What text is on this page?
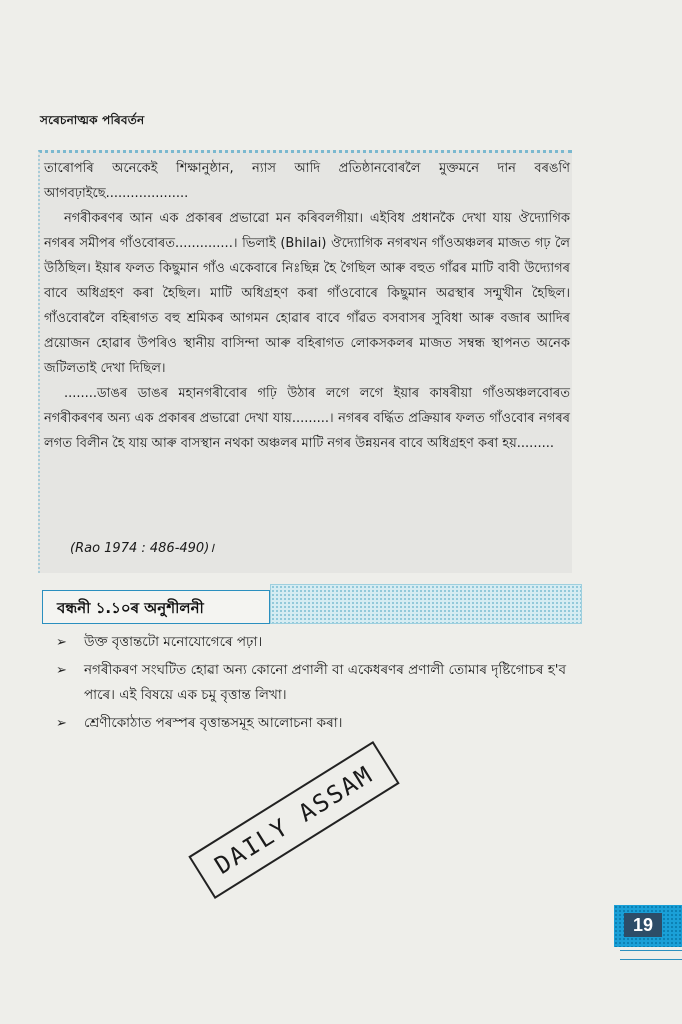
সৰেচনাত্মক পৰিবৰ্তন

তাৰোপৰি অনেকেই শিক্ষানুষ্ঠান, ন্যাস আদি প্ৰতিষ্ঠানবোৰলৈ মুক্তমনে দান বৰঙণি আগবঢ়াইছে....................

নগৰীকৰণৰ আন এক প্ৰকাৰৰ প্ৰভাৱো মন কৰিবলগীয়া। এইবিধ প্ৰধানকৈ দেখা যায় ঔদ্যোগিক নগৰৰ সমীপৰ গাঁওবোৰত..............। ভিলাই (Bhilai) ঔদ্যোগিক নগৰখন গাঁওঅঞ্চলৰ মাজত গঢ় লৈ উঠিছিল। ইয়াৰ ফলত কিছুমান গাঁও একেবাৰে নিঃছিন্ন হৈ গৈছিল আৰু বহুত গাঁৱৰ মাটি বাবী উদ্যোগৰ বাবে অধিগ্ৰহণ কৰা হৈছিল। মাটি অধিগ্ৰহণ কৰা গাঁওবোৰে কিছুমান অৱস্থাৰ সন্মুখীন হৈছিল। গাঁওবোৰলৈ বহিৰাগত বহু শ্ৰমিকৰ আগমন হোৱাৰ বাবে গাঁৱত বসবাসৰ সুবিধা আৰু বজাৰ আদিৰ প্ৰয়োজন হোৱাৰ উপৰিও স্থানীয় বাসিন্দা আৰু বহিৰাগত লোকসকলৰ মাজত সম্বন্ধ স্থাপনত অনেক জটিলতাই দেখা দিছিল।

........ডাঙৰ ডাঙৰ মহানগৰীবোৰ গঢ়ি উঠাৰ লগে লগে ইয়াৰ কাষৰীয়া গাঁওঅঞ্চলবোৰত নগৰীকৰণৰ অন্য এক প্ৰকাৰৰ প্ৰভাৱো দেখা যায়.........। নগৰৰ বৰ্দ্ধিত প্ৰক্ৰিয়াৰ ফলত গাঁওবোৰ নগৰৰ লগত বিলীন হৈ যায় আৰু বাসস্থান নথকা অঞ্চলৰ মাটি নগৰ উন্নয়নৰ বাবে অধিগ্ৰহণ কৰা হয়.........

(Rao 1974 : 486-490)।
বন্ধনী ১.১০ৰ অনুশীলনী
➢ উক্ত বৃত্তান্তটো মনোযোগেৰে পঢ়া।
➢ নগৰীকৰণ সংঘটিত হোৱা অন্য কোনো প্ৰণালী বা একেধৰণৰ প্ৰণালী তোমাৰ দৃষ্টিগোচৰ হ'ব পাৰে। এই বিষয়ে এক চমু বৃত্তান্ত লিখা।
➢ শ্ৰেণীকোঠাত পৰস্পৰ বৃত্তান্তসমূহ আলোচনা কৰা।
DAILY ASSAM
19
